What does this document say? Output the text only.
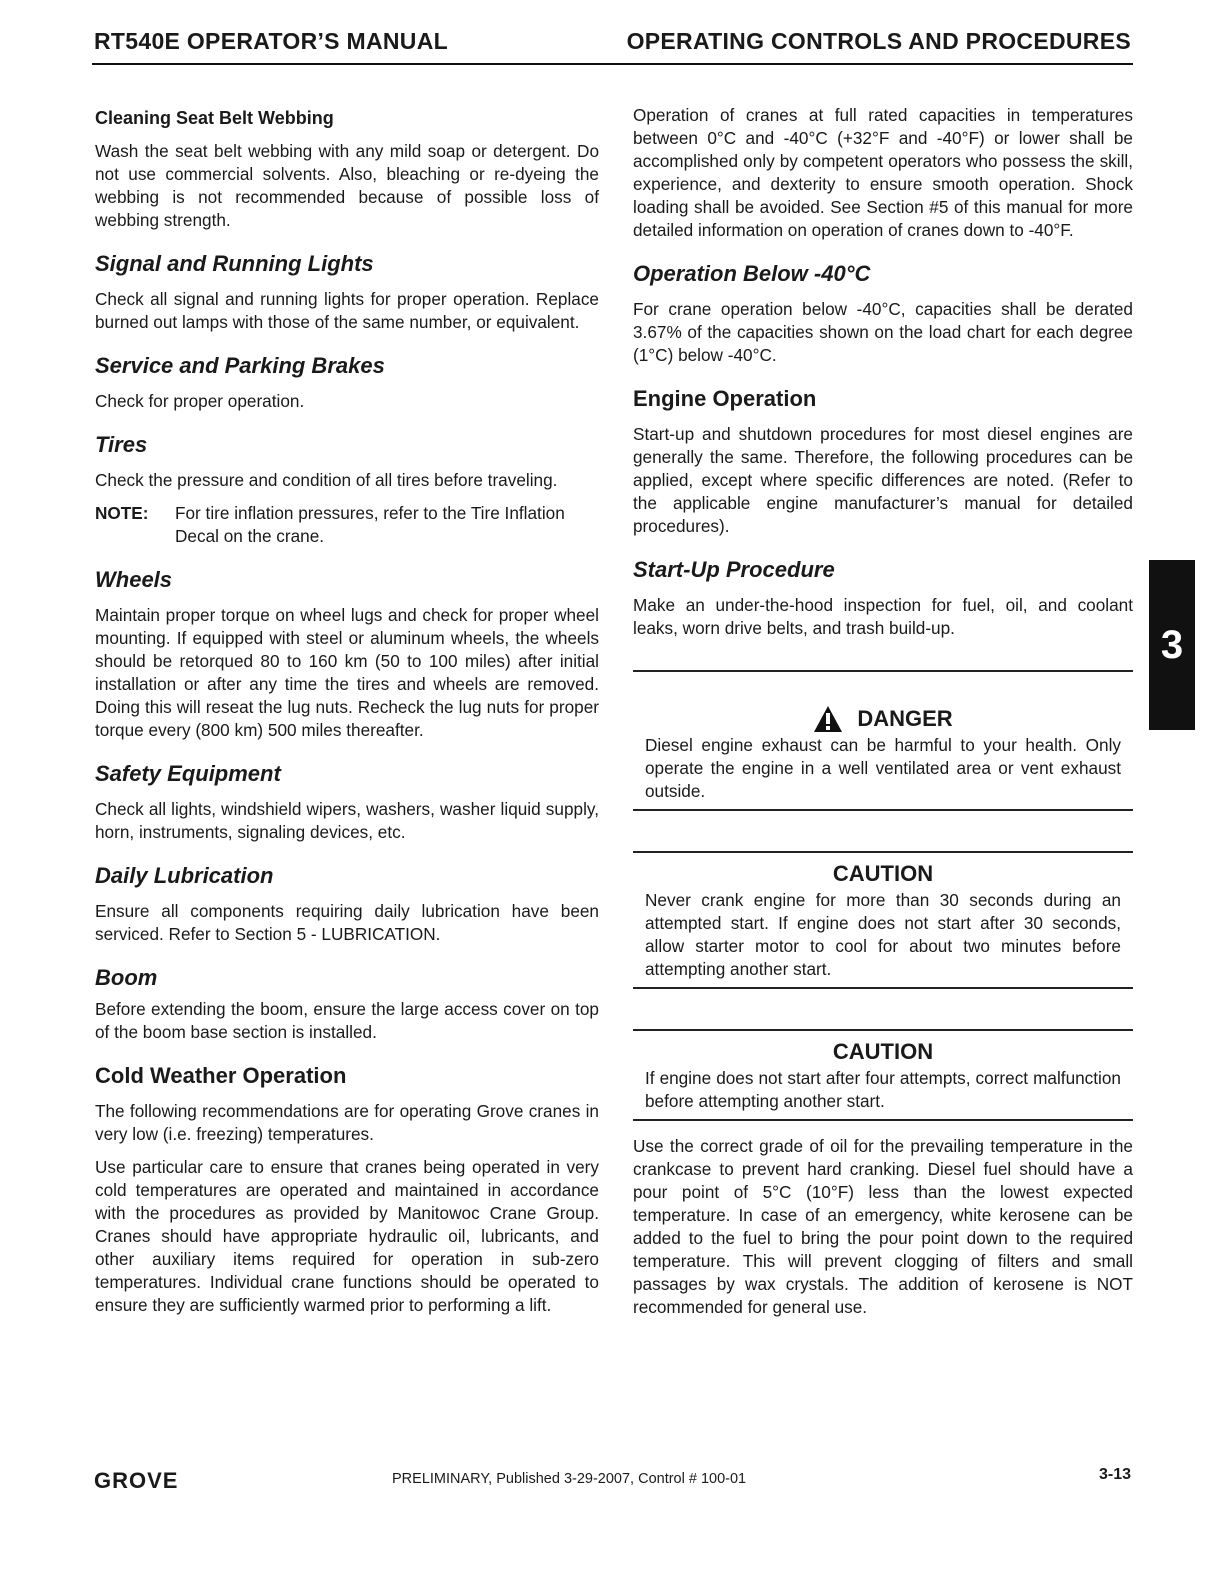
RT540E OPERATOR’S MANUAL	OPERATING CONTROLS AND PROCEDURES
Cleaning Seat Belt Webbing

Wash the seat belt webbing with any mild soap or detergent. Do not use commercial solvents. Also, bleaching or re-dyeing the webbing is not recommended because of possible loss of webbing strength.

Signal and Running Lights

Check all signal and running lights for proper operation. Replace burned out lamps with those of the same number, or equivalent.

Service and Parking Brakes

Check for proper operation.

Tires

Check the pressure and condition of all tires before traveling.

NOTE:	For tire inflation pressures, refer to the Tire Inflation Decal on the crane.
Wheels

Maintain proper torque on wheel lugs and check for proper wheel mounting. If equipped with steel or aluminum wheels, the wheels should be retorqued 80 to 160 km (50 to 100 miles) after initial installation or after any time the tires and wheels are removed. Doing this will reseat the lug nuts. Recheck the lug nuts for proper torque every (800 km) 500 miles thereafter.

Safety Equipment

Check all lights, windshield wipers, washers, washer liquid supply, horn, instruments, signaling devices, etc.

Daily Lubrication

Ensure all components requiring daily lubrication have been serviced. Refer to Section 5 - LUBRICATION.

Boom

Before extending the boom, ensure the large access cover on top of the boom base section is installed.

Cold Weather Operation

The following recommendations are for operating Grove cranes in very low (i.e. freezing) temperatures.

Use particular care to ensure that cranes being operated in very cold temperatures are operated and maintained in accordance with the procedures as provided by Manitowoc Crane Group. Cranes should have appropriate hydraulic oil, lubricants, and other auxiliary items required for operation in sub-zero temperatures. Individual crane functions should be operated to ensure they are sufficiently warmed prior to performing a lift.

Operation of cranes at full rated capacities in temperatures between 0°C and -40°C (+32°F and -40°F) or lower shall be accomplished only by competent operators who possess the skill, experience, and dexterity to ensure smooth operation. Shock loading shall be avoided. See Section #5 of this manual for more detailed information on operation of cranes down to -40°F.

Operation Below -40°C

For crane operation below -40°C, capacities shall be derated 3.67% of the capacities shown on the load chart for each degree (1°C) below -40°C.

Engine Operation

Start-up and shutdown procedures for most diesel engines are generally the same. Therefore, the following procedures can be applied, except where specific differences are noted. (Refer to the applicable engine manufacturer’s manual for detailed procedures).

Start-Up Procedure

Make an under-the-hood inspection for fuel, oil, and coolant leaks, worn drive belts, and trash build-up.

DANGER

Diesel engine exhaust can be harmful to your health. Only operate the engine in a well ventilated area or vent exhaust outside.

CAUTION

Never crank engine for more than 30 seconds during an attempted start. If engine does not start after 30 seconds, allow starter motor to cool for about two minutes before attempting another start.

CAUTION

If engine does not start after four attempts, correct malfunction before attempting another start.

Use the correct grade of oil for the prevailing temperature in the crankcase to prevent hard cranking. Diesel fuel should have a pour point of 5°C (10°F) less than the lowest expected temperature. In case of an emergency, white kerosene can be added to the fuel to bring the pour point down to the required temperature. This will prevent clogging of filters and small passages by wax crystals. The addition of kerosene is NOT recommended for general use.

3
GROVE	PRELIMINARY, Published 3-29-2007, Control # 100-01	3-13
